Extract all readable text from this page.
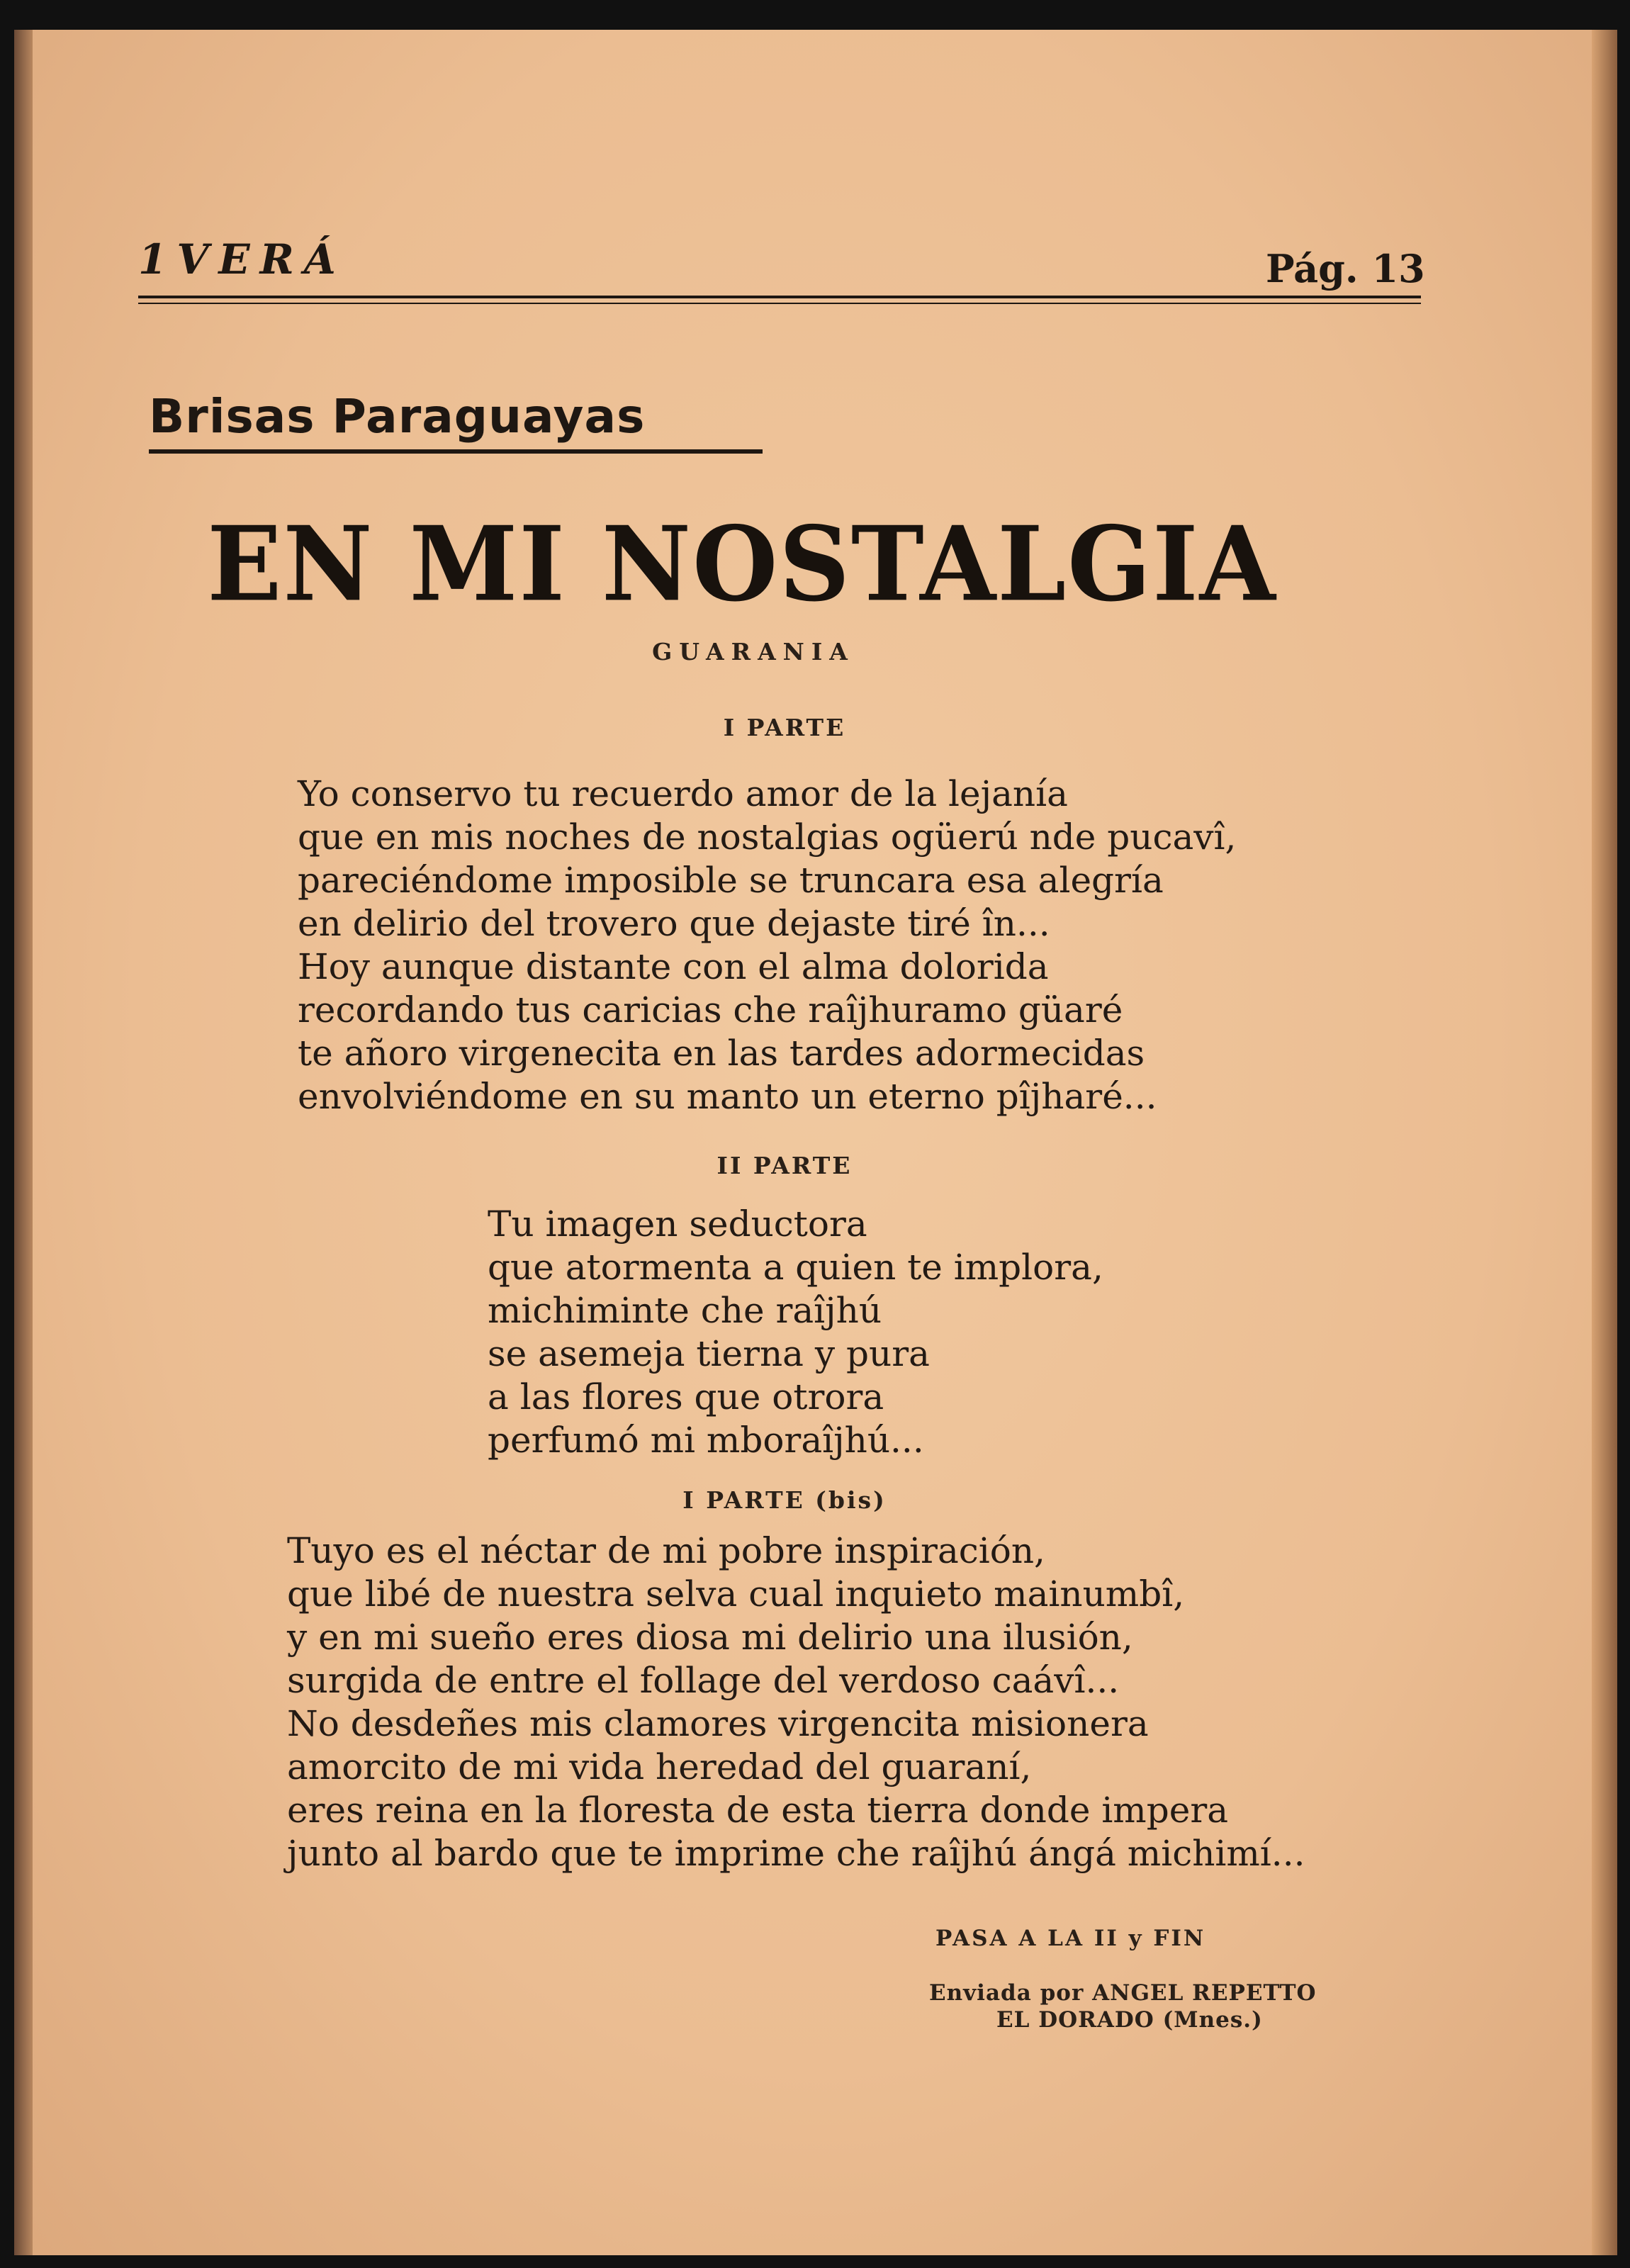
1VERÁ	Pág. 13
Brisas Paraguayas
EN MI NOSTALGIA
GUARANIA
I PARTE
Yo conservo tu recuerdo amor de la lejanía
que en mis noches de nostalgias ogüerú nde pucavî,
pareciéndome imposible se truncara esa alegría
en delirio del trovero que dejaste tiré în...
Hoy aunque distante con el alma dolorida
recordando tus caricias che raîjhuramo güaré
te añoro virgenecita en las tardes adormecidas
envolviéndome en su manto un eterno pîjharé...
II PARTE
Tu imagen seductora
que atormenta a quien te implora,
michiminte che raîjhú
se asemeja tierna y pura
a las flores que otrora
perfumó mi mboraîjhú...
I PARTE (bis)
Tuyo es el néctar de mi pobre inspiración,
que libé de nuestra selva cual inquieto mainumbî,
y en mi sueño eres diosa mi delirio una ilusión,
surgida de entre el follage del verdoso caávî...
No desdeñes mis clamores virgencita misionera
amorcito de mi vida heredad del guaraní,
eres reina en la floresta de esta tierra donde impera
junto al bardo que te imprime che raîjhú ángá michimí...
PASA A LA II y FIN
Enviada por ANGEL REPETTO
EL DORADO (Mnes.)
